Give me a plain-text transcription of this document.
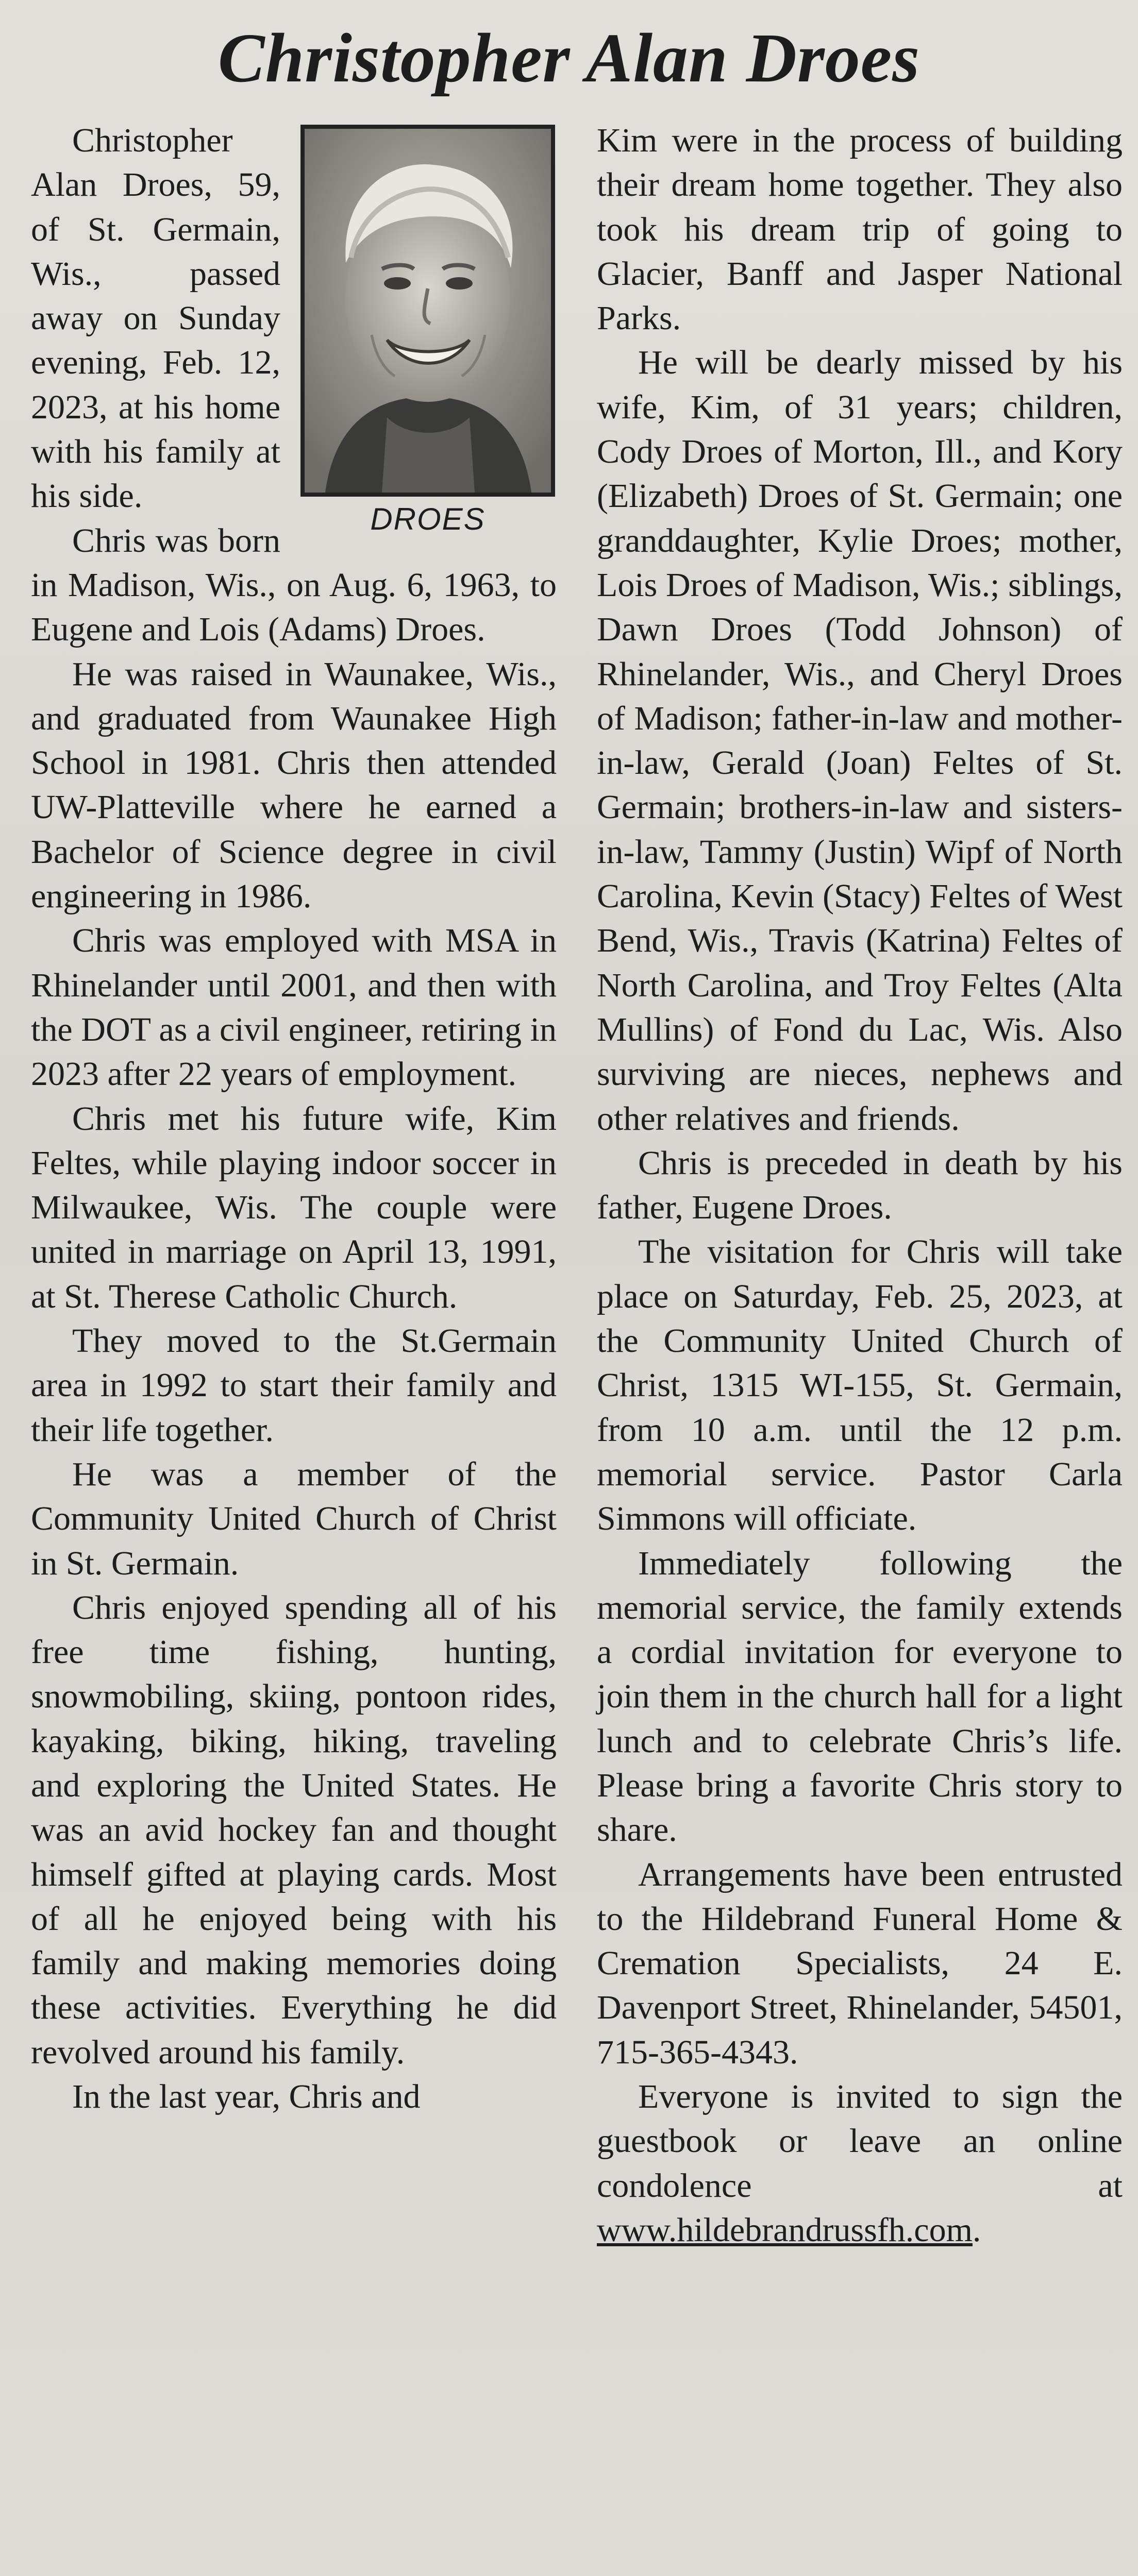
Christopher Alan Droes
DROES

Christopher Alan Droes, 59, of St. Germain, Wis., passed away on Sunday evening, Feb. 12, 2023, at his home with his family at his side.

Chris was born in Madison, Wis., on Aug. 6, 1963, to Eugene and Lois (Adams) Droes.

He was raised in Waunakee, Wis., and graduated from Waunakee High School in 1981. Chris then attended UW-Platteville where he earned a Bachelor of Science degree in civil engineering in 1986.

Chris was employed with MSA in Rhinelander until 2001, and then with the DOT as a civil engineer, retiring in 2023 after 22 years of employment.

Chris met his future wife, Kim Feltes, while playing indoor soccer in Milwaukee, Wis. The couple were united in marriage on April 13, 1991, at St. Therese Catholic Church.

They moved to the St.Germain area in 1992 to start their family and their life together.

He was a member of the Community United Church of Christ in St. Germain.

Chris enjoyed spending all of his free time fishing, hunting, snowmobiling, skiing, pontoon rides, kayaking, biking, hiking, traveling and exploring the United States. He was an avid hockey fan and thought himself gifted at playing cards. Most of all he enjoyed being with his family and making memories doing these activities. Everything he did revolved around his family.

In the last year, Chris and

Kim were in the process of building their dream home together. They also took his dream trip of going to Glacier, Banff and Jasper National Parks.

He will be dearly missed by his wife, Kim, of 31 years; children, Cody Droes of Morton, Ill., and Kory (Elizabeth) Droes of St. Germain; one granddaughter, Kylie Droes; mother, Lois Droes of Madison, Wis.; siblings, Dawn Droes (Todd Johnson) of Rhinelander, Wis., and Cheryl Droes of Madison; father-in-law and mother-in-law, Gerald (Joan) Feltes of St. Germain; brothers-in-law and sisters-in-law, Tammy (Justin) Wipf of North Carolina, Kevin (Stacy) Feltes of West Bend, Wis., Travis (Katrina) Feltes of North Carolina, and Troy Feltes (Alta Mullins) of Fond du Lac, Wis. Also surviving are nieces, nephews and other relatives and friends.

Chris is preceded in death by his father, Eugene Droes.

The visitation for Chris will take place on Saturday, Feb. 25, 2023, at the Community United Church of Christ, 1315 WI-155, St. Germain, from 10 a.m. until the 12 p.m. memorial service. Pastor Carla Simmons will officiate.

Immediately following the memorial service, the family extends a cordial invitation for everyone to join them in the church hall for a light lunch and to celebrate Chris’s life. Please bring a favorite Chris story to share.

Arrangements have been entrusted to the Hildebrand Funeral Home & Cremation Specialists, 24 E. Davenport Street, Rhinelander, 54501, 715-365-4343.

Everyone is invited to sign the guestbook or leave an online condolence at www.hildebrandrussfh.com.
